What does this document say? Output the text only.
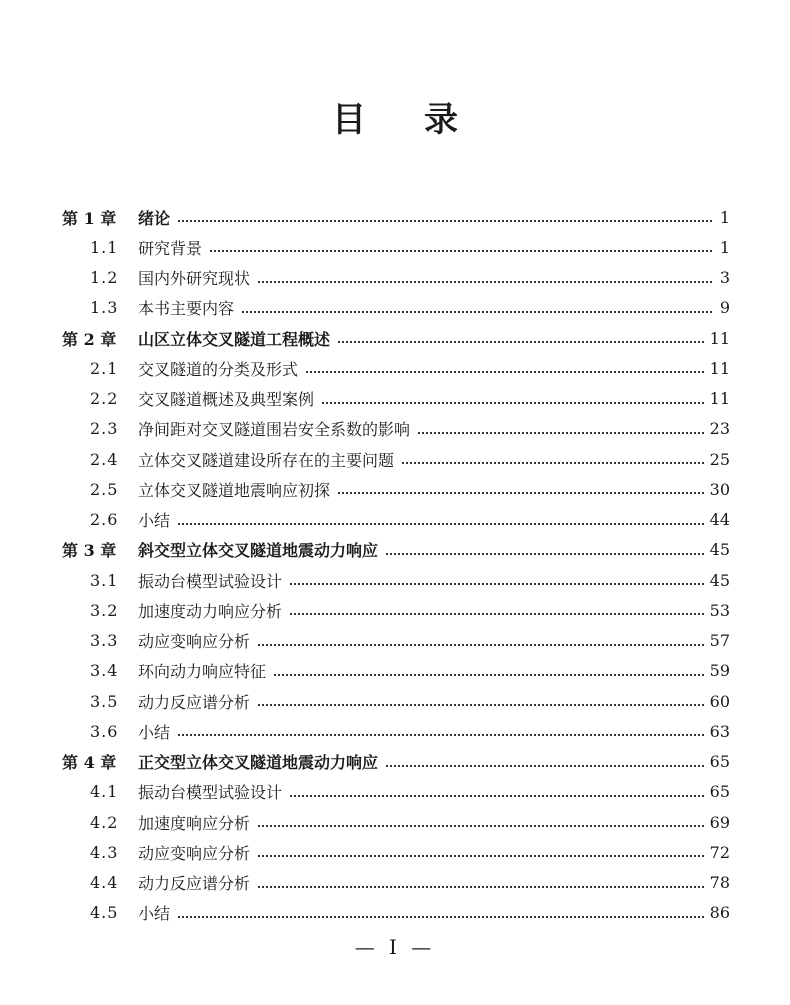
目 录
第 1 章	绪论	1
1.1	研究背景	1
1.2	国内外研究现状	3
1.3	本书主要内容	9
第 2 章	山区立体交叉隧道工程概述	11
2.1	交叉隧道的分类及形式	11
2.2	交叉隧道概述及典型案例	11
2.3	净间距对交叉隧道围岩安全系数的影响	23
2.4	立体交叉隧道建设所存在的主要问题	25
2.5	立体交叉隧道地震响应初探	30
2.6	小结	44
第 3 章	斜交型立体交叉隧道地震动力响应	45
3.1	振动台模型试验设计	45
3.2	加速度动力响应分析	53
3.3	动应变响应分析	57
3.4	环向动力响应特征	59
3.5	动力反应谱分析	60
3.6	小结	63
第 4 章	正交型立体交叉隧道地震动力响应	65
4.1	振动台模型试验设计	65
4.2	加速度响应分析	69
4.3	动应变响应分析	72
4.4	动力反应谱分析	78
4.5	小结	86
— I —
